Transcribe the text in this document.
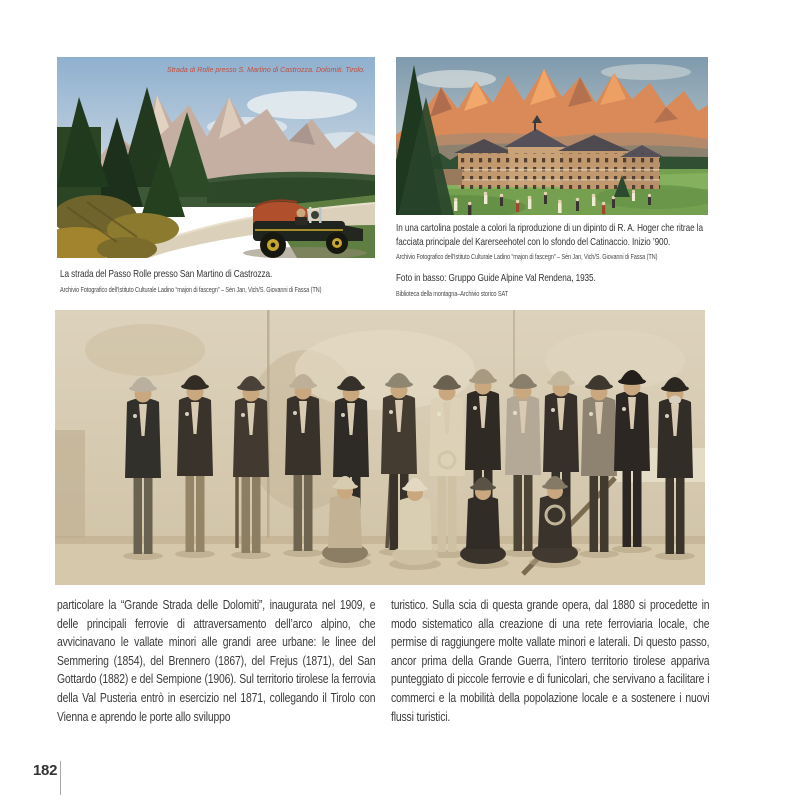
Strada di Rolle presso S. Martino di Castrozza. Dolomiti. Tirolo.
La strada del Passo Rolle presso San Martino di Castrozza.
Archivio Fotografico dell’Istituto Culturale Ladino “majon di fascegn” – Sèn Jan, Vich/S. Giovanni di Fassa (TN)
In una cartolina postale a colori la riproduzione di un dipinto di R. A. Hoger che ritrae la facciata principale del Karerseehotel con lo sfondo del Catinaccio. Inizio ’900.
Archivio Fotografico dell’Istituto Culturale Ladino “majon di fascegn” – Sèn Jan, Vich/S. Giovanni di Fassa (TN)
Foto in basso: Gruppo Guide Alpine Val Rendena, 1935.
Biblioteca della montagna–Archivio storico SAT
particolare la “Grande Strada delle Dolomiti”, inaugurata nel 1909, e delle principali ferrovie di attraversamento dell’arco alpino, che avvicinavano le vallate minori alle grandi aree urbane: le linee del Semmering (1854), del Brennero (1867), del Frejus (1871), del San Gottardo (1882) e del Sempione (1906). Sul territorio tirolese la ferrovia della Val Pusteria entrò in esercizio nel 1871, collegando il Tirolo con Vienna e aprendo le porte allo sviluppo
turistico. Sulla scia di questa grande opera, dal 1880 si procedette in modo sistematico alla creazione di una rete ferroviaria locale, che permise di raggiungere molte vallate minori e laterali. Di questo passo, ancor prima della Grande Guerra, l’intero territorio tirolese appariva punteggiato di piccole ferrovie e di funicolari, che servivano a facilitare i commerci e la mobilità della popolazione locale e a sostenere i nuovi flussi turistici.
182
